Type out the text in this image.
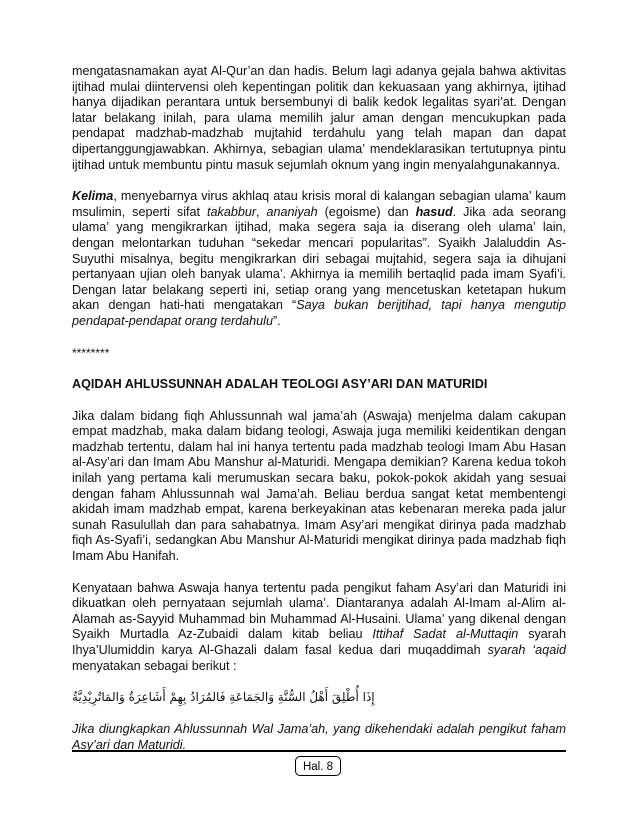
mengatasnamakan ayat Al-Qur’an dan hadis. Belum lagi adanya gejala bahwa aktivitas ijtihad mulai diintervensi oleh kepentingan politik dan kekuasaan yang akhirnya, ijtihad hanya dijadikan perantara untuk bersembunyi di balik kedok legalitas syari’at. Dengan latar belakang inilah, para ulama memilih jalur aman dengan mencukupkan pada pendapat madzhab-madzhab mujtahid terdahulu yang telah mapan dan dapat dipertanggungjawabkan. Akhirnya, sebagian ulama’ mendeklarasikan tertutupnya pintu ijtihad untuk membuntu pintu masuk sejumlah oknum yang ingin menyalahgunakannya.

Kelima, menyebarnya virus akhlaq atau krisis moral di kalangan sebagian ulama’ kaum msulimin, seperti sifat takabbur, ananiyah (egoisme) dan hasud. Jika ada seorang ulama’ yang mengikrarkan ijtihad, maka segera saja ia diserang oleh ulama’ lain, dengan melontarkan tuduhan “sekedar mencari popularitas”. Syaikh Jalaluddin As-Suyuthi misalnya, begitu mengikrarkan diri sebagai mujtahid, segera saja ia dihujani pertanyaan ujian oleh banyak ulama’. Akhirnya ia memilih bertaqlid pada imam Syafi’i. Dengan latar belakang seperti ini, setiap orang yang mencetuskan ketetapan hukum akan dengan hati-hati mengatakan “Saya bukan berijtihad, tapi hanya mengutip pendapat-pendapat orang terdahulu”.

********
AQIDAH AHLUSSUNNAH ADALAH TEOLOGI ASY’ARI DAN MATURIDI

Jika dalam bidang fiqh Ahlussunnah wal jama’ah (Aswaja) menjelma dalam cakupan empat madzhab, maka dalam bidang teologi, Aswaja juga memiliki keidentikan dengan madzhab tertentu, dalam hal ini hanya tertentu pada madzhab teologi Imam Abu Hasan al-Asy’ari dan Imam Abu Manshur al-Maturidi. Mengapa demikian? Karena kedua tokoh inilah yang pertama kali merumuskan secara baku, pokok-pokok akidah yang sesuai dengan faham Ahlussunnah wal Jama’ah. Beliau berdua sangat ketat membentengi akidah imam madzhab empat, karena berkeyakinan atas kebenaran mereka pada jalur sunah Rasulullah dan para sahabatnya. Imam Asy’ari mengikat dirinya pada madzhab fiqh As-Syafi’i, sedangkan Abu Manshur Al-Maturidi mengikat dirinya pada madzhab fiqh Imam Abu Hanifah.

Kenyataan bahwa Aswaja hanya tertentu pada pengikut faham Asy’ari dan Maturidi ini dikuatkan oleh pernyataan sejumlah ulama’. Diantaranya adalah Al-Imam al-Alim al-Alamah as-Sayyid Muhammad bin Muhammad Al-Husaini. Ulama’ yang dikenal dengan Syaikh Murtadla Az-Zubaidi dalam kitab beliau Ittihaf Sadat al-Muttaqin syarah Ihya’Ulumiddin karya Al-Ghazali dalam fasal kedua dari muqaddimah syarah ‘aqaid menyatakan sebagai berikut :

إِذَا أُطْلِقَ أَهْلُ السُّنَّةِ وَالجَمَاعَةِ فَالمُرَادُ بِهِمْ أَشَاعِرَةُ وَالمَاتُرِيْدِيَّةُ

Jika diungkapkan Ahlussunnah Wal Jama’ah, yang dikehendaki adalah pengikut faham Asy’ari dan Maturidi.

Hal. 8
